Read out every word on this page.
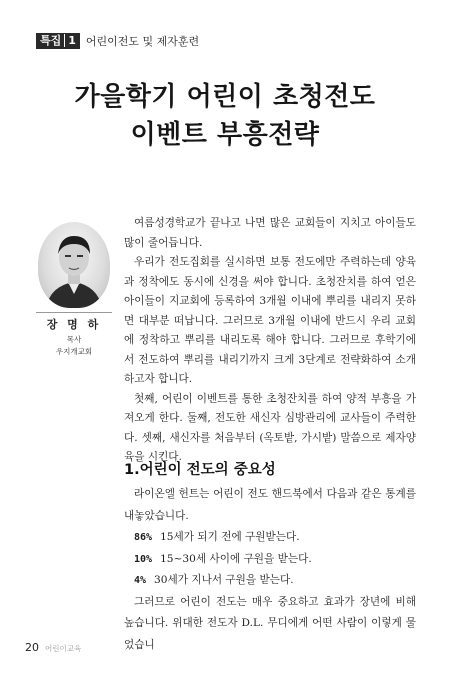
특집 1 어린이전도 및 제자훈련
가을학기 어린이 초청전도
이벤트 부흥전략
장 명 하
목사
우지개교회

여름성경학교가 끝나고 나면 많은 교회들이 지치고 아이들도 많이 줄어듭니다.

우리가 전도집회를 실시하면 보통 전도에만 주력하는데 양육과 정착에도 동시에 신경을 써야 합니다. 초청잔치를 하여 얻은 아이들이 지교회에 등록하여 3개월 이내에 뿌리를 내리지 못하면 대부분 떠납니다. 그러므로 3개월 이내에 반드시 우리 교회에 정착하고 뿌리를 내리도록 해야 합니다. 그러므로 후학기에서 전도하여 뿌리를 내리기까지 크게 3단계로 전략화하여 소개하고자 합니다.

첫째, 어린이 이벤트를 통한 초청잔치를 하여 양적 부흥을 가져오게 한다. 둘째, 전도한 새신자 심방관리에 교사들이 주력한다. 셋째, 새신자를 처음부터 (옥토밭, 가시밭) 말씀으로 제자양육을 시킨다.

1.어린이 전도의 중요성

라이온엘 헌트는 어린이 전도 핸드북에서 다음과 같은 통계를 내놓았습니다.

86% 15세가 되기 전에 구원받는다.

10% 15~30세 사이에 구원을 받는다.

4% 30세가 지나서 구원을 받는다.

그러므로 어린이 전도는 매우 중요하고 효과가 장년에 비해 높습니다. 위대한 전도자 D.L. 무디에게 어떤 사람이 이렇게 물었습니

20 어린이교육
